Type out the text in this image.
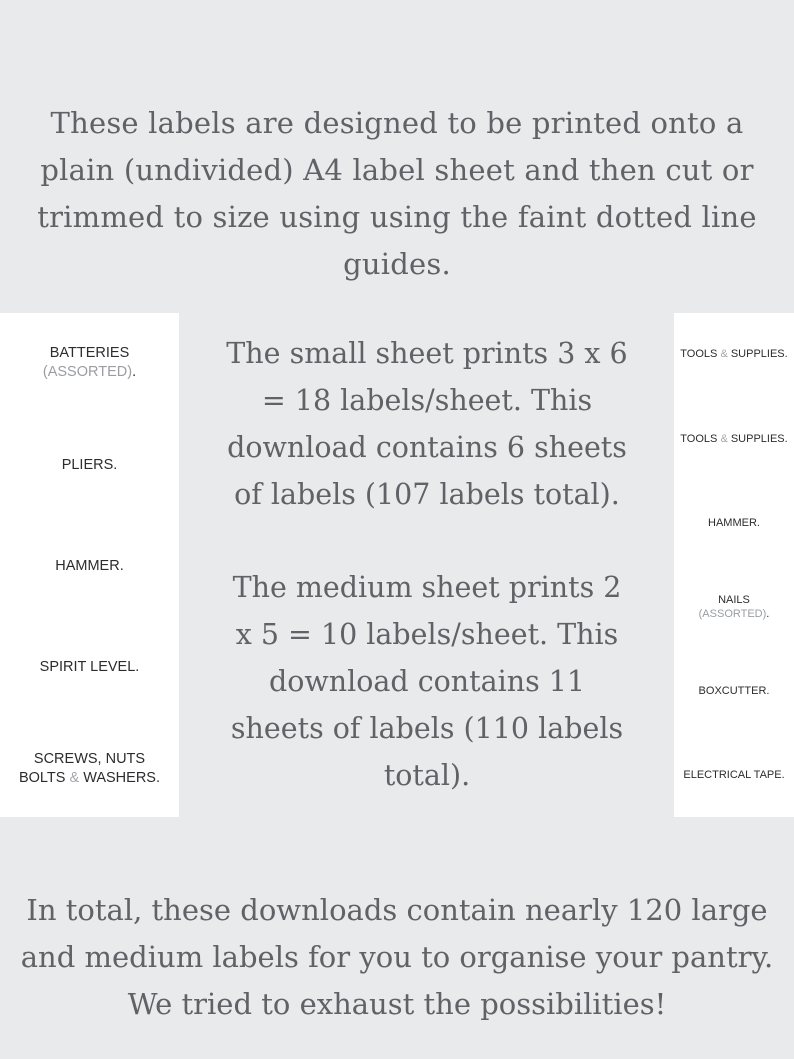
These labels are designed to be printed onto a plain (undivided) A4 label sheet and then cut or trimmed to size using using the faint dotted line guides.
BATTERIES
(ASSORTED).
PLIERS.
HAMMER.
SPIRIT LEVEL.
SCREWS, NUTS
BOLTS & WASHERS.

The small sheet prints 3 x 6 = 18 labels/sheet. This download contains 6 sheets of labels (107 labels total).

The medium sheet prints 2 x 5 = 10 labels/sheet. This download contains 11 sheets of labels (110 labels total).

TOOLS & SUPPLIES.
TOOLS & SUPPLIES.
HAMMER.
NAILS
(ASSORTED).
BOXCUTTER.
ELECTRICAL TAPE.
In total, these downloads contain nearly 120 large and medium labels for you to organise your pantry. We tried to exhaust the possibilities!
